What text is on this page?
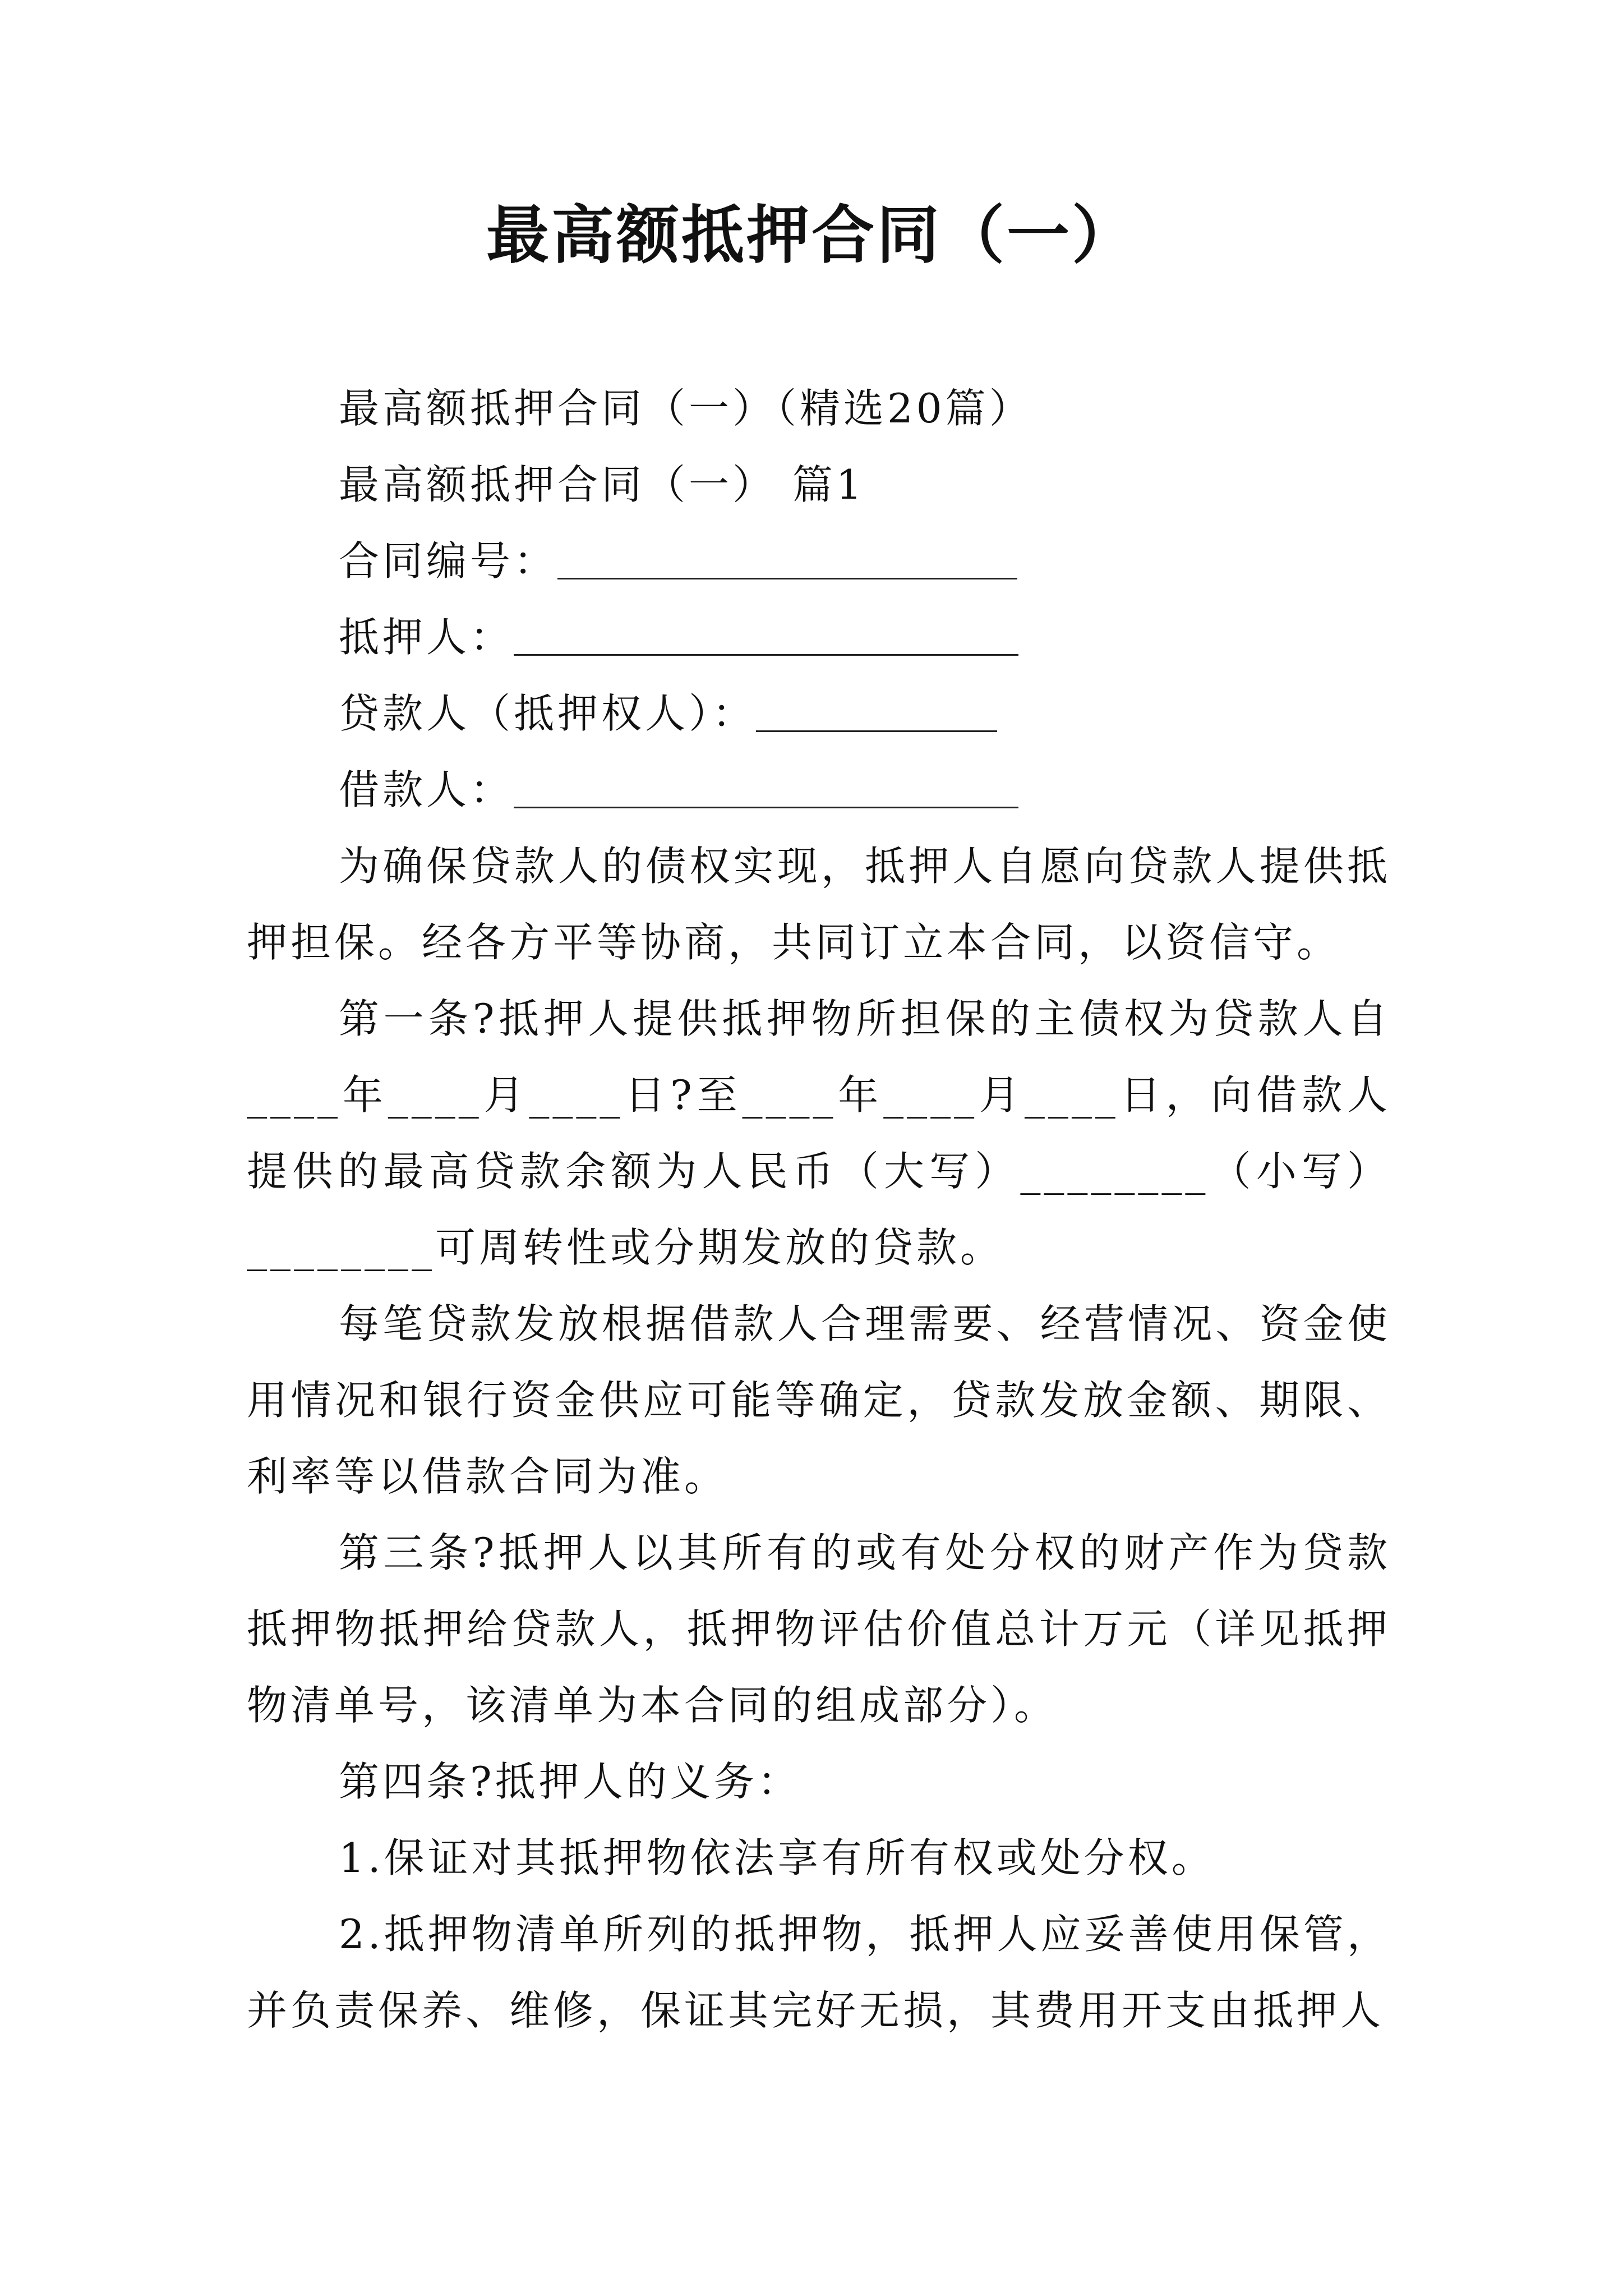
最高额抵押合同（一）
最高额抵押合同（一）（精选20篇）
最高额抵押合同（一） 篇1
合同编号：
抵押人：
贷款人（抵押权人）：
借款人：

为确保贷款人的债权实现，抵押人自愿向贷款人提供抵押担保。经各方平等协商，共同订立本合同，以资信守。

第一条?抵押人提供抵押物所担保的主债权为贷款人自____年____月____日?至____年____月____日，向借款人提供的最高贷款余额为人民币（大写）________（小写）________可周转性或分期发放的贷款。

每笔贷款发放根据借款人合理需要、经营情况、资金使用情况和银行资金供应可能等确定，贷款发放金额、期限、利率等以借款合同为准。

第三条?抵押人以其所有的或有处分权的财产作为贷款抵押物抵押给贷款人，抵押物评估价值总计万元（详见抵押物清单号，该清单为本合同的组成部分）。

第四条?抵押人的义务：

1.保证对其抵押物依法享有所有权或处分权。

2.抵押物清单所列的抵押物，抵押人应妥善使用保管，并负责保养、维修，保证其完好无损，其费用开支由抵押人
